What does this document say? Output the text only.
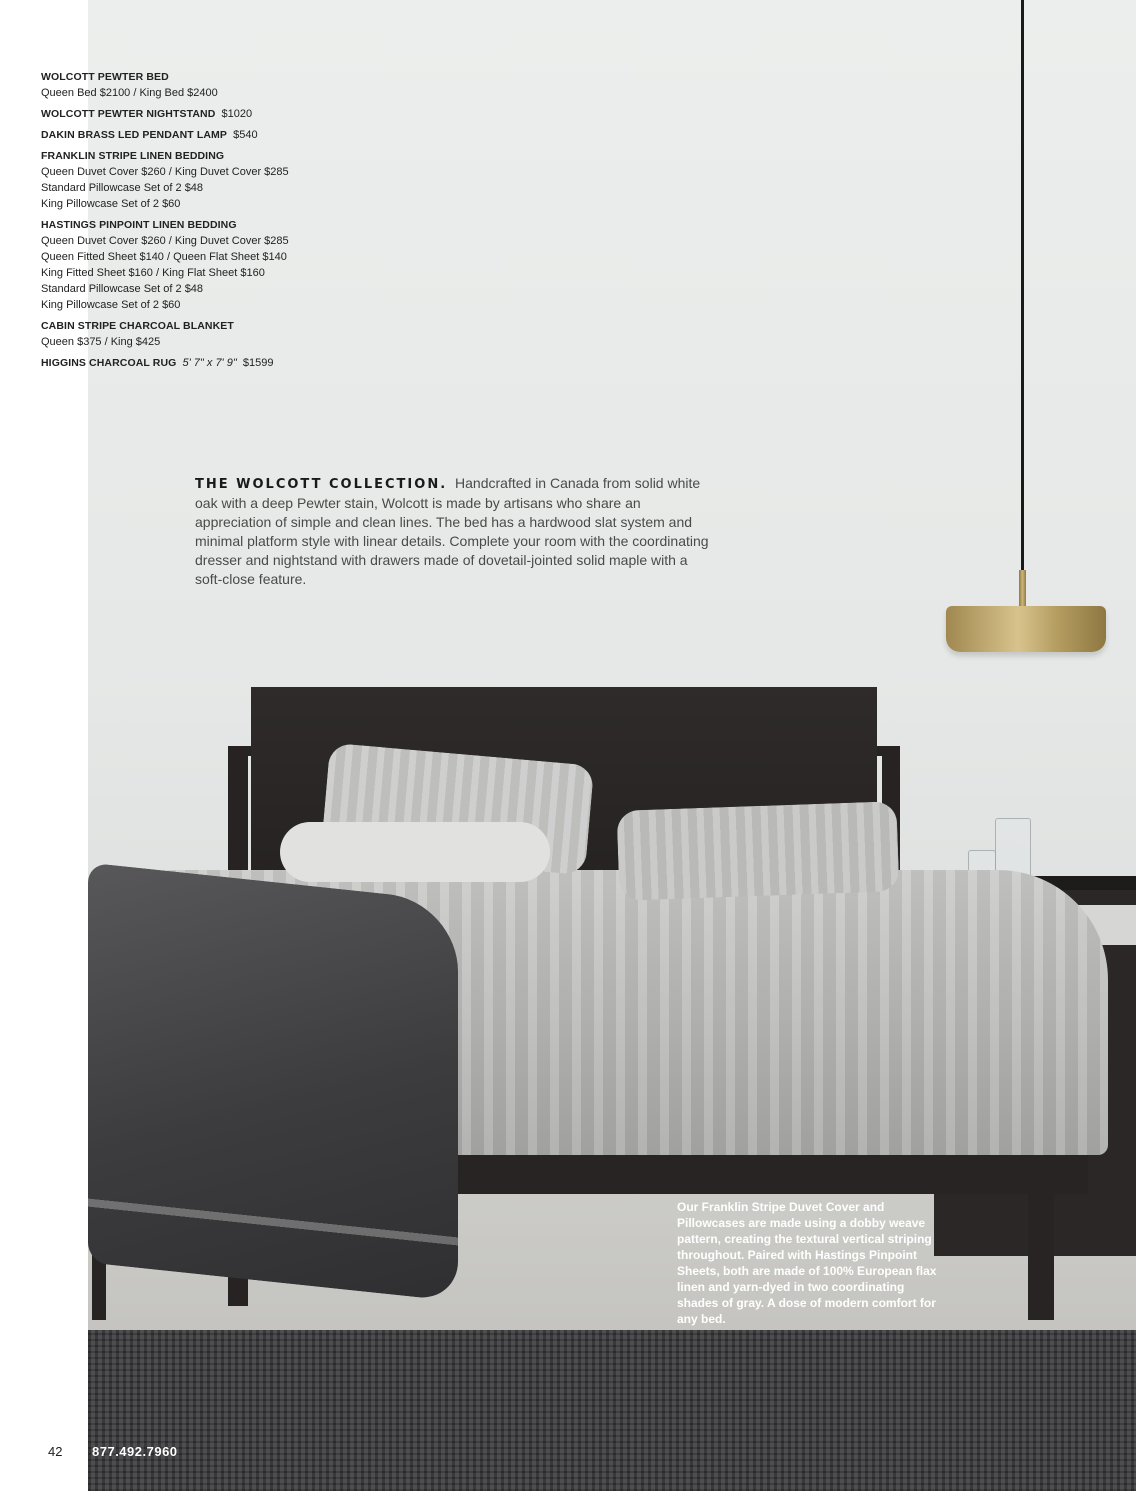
WOLCOTT PEWTER BED
Queen Bed $2100 / King Bed $2400
WOLCOTT PEWTER NIGHTSTAND $1020
DAKIN BRASS LED PENDANT LAMP $540
FRANKLIN STRIPE LINEN BEDDING
Queen Duvet Cover $260 / King Duvet Cover $285
Standard Pillowcase Set of 2 $48
King Pillowcase Set of 2 $60
HASTINGS PINPOINT LINEN BEDDING
Queen Duvet Cover $260 / King Duvet Cover $285
Queen Fitted Sheet $140 / Queen Flat Sheet $140
King Fitted Sheet $160 / King Flat Sheet $160
Standard Pillowcase Set of 2 $48
King Pillowcase Set of 2 $60
CABIN STRIPE CHARCOAL BLANKET
Queen $375 / King $425
HIGGINS CHARCOAL RUG 5' 7" x 7' 9" $1599
THE WOLCOTT COLLECTION. Handcrafted in Canada from solid white oak with a deep Pewter stain, Wolcott is made by artisans who share an appreciation of simple and clean lines. The bed has a hardwood slat system and minimal platform style with linear details. Complete your room with the coordinating dresser and nightstand with drawers made of dovetail-jointed solid maple with a soft-close feature.
Our Franklin Stripe Duvet Cover and Pillowcases are made using a dobby weave pattern, creating the textural vertical striping throughout. Paired with Hastings Pinpoint Sheets, both are made of 100% European flax linen and yarn-dyed in two coordinating shades of gray. A dose of modern comfort for any bed.
42 877.492.7960
